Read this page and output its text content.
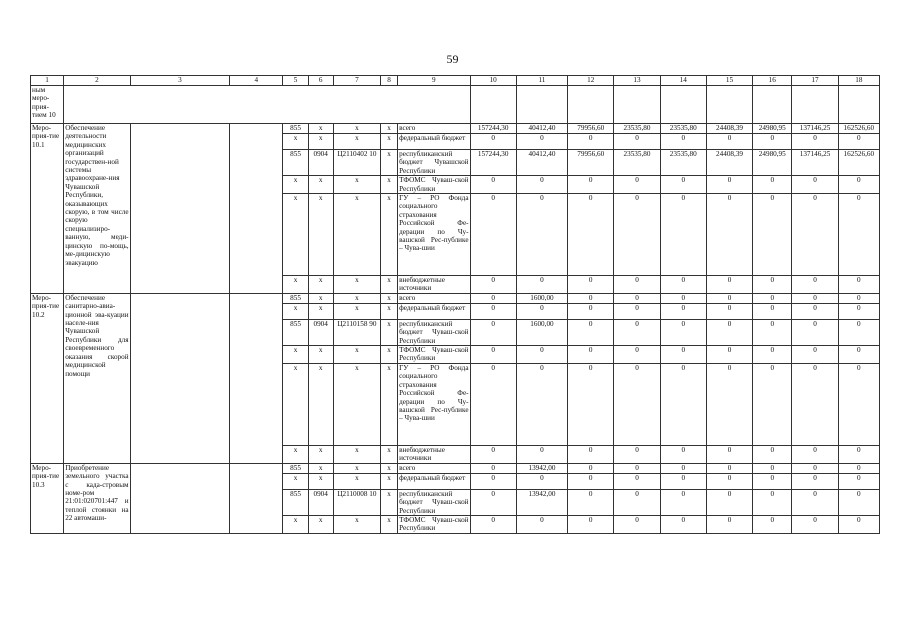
59
1	2	3	4	5	6	7	8	9	10	11	12	13	14	15	16	17	18
ным меро-прия-тием 10																	
Меро-прия-тие 10.1	Обеспечение деятельности медицинских организаций государствен-ной системы здравоохране-ния Чувашской Республики, оказывающих скорую, в том числе скорую специализиро-ванную, меди-цинскую по-мощь, ме-дицинскую эвакуацию			855	х	х	х	всего	157244,30	40412,40	79956,60	23535,80	23535,80	24408,39	24980,95	137146,25	162526,60
				х	х	х	х	федеральный бюджет	0	0	0	0	0	0	0	0	0
				855	0904	Ц2110402 10	х	республиканский бюджет Чувашской Республики	157244,30	40412,40	79956,60	23535,80	23535,80	24408,39	24980,95	137146,25	162526,60
				х	х	х	х	ТФОМС Чуваш-ской Республики	0	0	0	0	0	0	0	0	0
				х	х	х	х	ГУ – РО Фонда социального страхования Российской Фе-дерации по Чу-вашской Рес-публике – Чува-шии	0	0	0	0	0	0	0	0	0
				х	х	х	х	внебюджетные источники	0	0	0	0	0	0	0	0	0
Меро-прия-тие 10.2	Обеспечение санитарно-авиа-ционной эва-куации населе-ния Чувашской Республики для своевременного оказания скорой медицинской помощи			855	х	х	х	всего	0	1600,00	0	0	0	0	0	0	0
				х	х	х	х	федеральный бюджет	0	0	0	0	0	0	0	0	0
				855	0904	Ц2110158 90	х	республиканский бюджет Чуваш-ской Республики	0	1600,00	0	0	0	0	0	0	0
				х	х	х	х	ТФОМС Чуваш-ской Республики	0	0	0	0	0	0	0	0	0
				х	х	х	х	ГУ – РО Фонда социального страхования Российской Фе-дерации по Чу-вашской Рес-публике – Чува-шии	0	0	0	0	0	0	0	0	0
				х	х	х	х	внебюджетные источники	0	0	0	0	0	0	0	0	0
Меро-прия-тие 10.3	Приобретение земельного участка с када-стровым номе-ром 21:01:020701:447 и теплой стоянки на 22 автомаши-			855	х	х	х	всего	0	13942,00	0	0	0	0	0	0	0
				х	х	х	х	федеральный бюджет	0	0	0	0	0	0	0	0	0
				855	0904	Ц2110008 10	х	республиканский бюджет Чуваш-ской Республики	0	13942,00	0	0	0	0	0	0	0
				х	х	х	х	ТФОМС Чуваш-ской Республики	0	0	0	0	0	0	0	0	0
